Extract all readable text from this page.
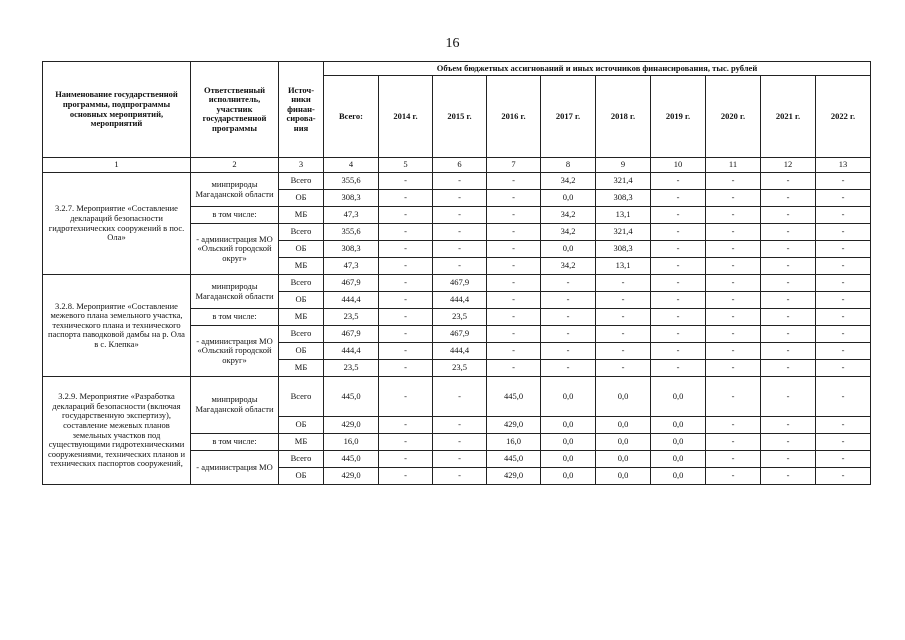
16
Наименование государственной программы, подпрограммы основных мероприятий, мероприятий	Ответственный исполнитель, участник государственной программы	Источ-ники финан-сирова-ния	Объем бюджетных ассигнований и иных источников финансирования, тыс. рублей									
			Всего:	2014 г.	2015 г.	2016 г.	2017 г.	2018 г.	2019 г.	2020 г.	2021 г.	2022 г.
1	2	3	4	5	6	7	8	9	10	11	12	13
3.2.7. Мероприятие «Составление деклараций безопасности гидротехнических сооружений в пос. Ола»	минприроды Магаданской области	Всего	355,6	-	-	-	34,2	321,4	-	-	-	-
		ОБ	308,3	-	-	-	0,0	308,3	-	-	-	-
	в том числе:	МБ	47,3	-	-	-	34,2	13,1	-	-	-	-
	- администрация МО «Ольский городской округ»	Всего	355,6	-	-	-	34,2	321,4	-	-	-	-
		ОБ	308,3	-	-	-	0,0	308,3	-	-	-	-
		МБ	47,3	-	-	-	34,2	13,1	-	-	-	-
3.2.8. Мероприятие «Составление межевого плана земельного участка, технического плана и технического паспорта паводковой дамбы на р. Ола в с. Клепка»	минприроды Магаданской области	Всего	467,9	-	467,9	-	-	-	-	-	-	-
		ОБ	444,4	-	444,4	-	-	-	-	-	-	-
	в том числе:	МБ	23,5	-	23,5	-	-	-	-	-	-	-
	- администрация МО «Ольский городской округ»	Всего	467,9	-	467,9	-	-	-	-	-	-	-
		ОБ	444,4	-	444,4	-	-	-	-	-	-	-
		МБ	23,5	-	23,5	-	-	-	-	-	-	-
3.2.9. Мероприятие «Разработка деклараций безопасности (включая государственную экспертизу), составление межевых планов земельных участков под существующими гидротехническими сооружениями, технических планов и технических паспортов сооружений,	минприроды Магаданской области	Всего	445,0	-	-	445,0	0,0	0,0	0,0	-	-	-
		ОБ	429,0	-	-	429,0	0,0	0,0	0,0	-	-	-
	в том числе:	МБ	16,0	-	-	16,0	0,0	0,0	0,0	-	-	-
	- администрация МО	Всего	445,0	-	-	445,0	0,0	0,0	0,0	-	-	-
		ОБ	429,0	-	-	429,0	0,0	0,0	0,0	-	-	-
